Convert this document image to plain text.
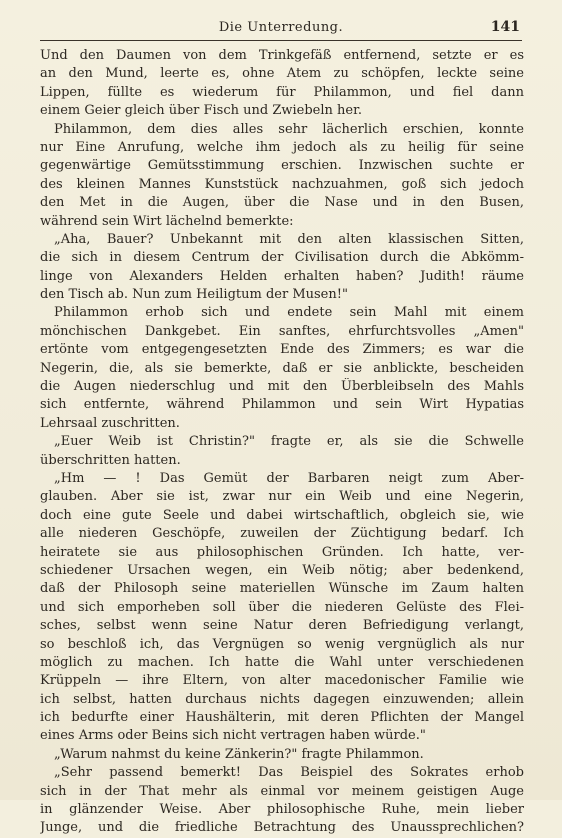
Die Unterredung.	141
Und den Daumen von dem Trinkgefäß entfernend, setzte er es
an den Mund, leerte es, ohne Atem zu schöpfen, leckte seine
Lippen, füllte es wiederum für Philammon, und fiel dann
einem Geier gleich über Fisch und Zwiebeln her.
Philammon, dem dies alles sehr lächerlich erschien, konnte
nur Eine Anrufung, welche ihm jedoch als zu heilig für seine
gegenwärtige Gemütsstimmung erschien. Inzwischen suchte er
des kleinen Mannes Kunststück nachzuahmen, goß sich jedoch
den Met in die Augen, über die Nase und in den Busen,
während sein Wirt lächelnd bemerkte:
„Aha, Bauer? Unbekannt mit den alten klassischen Sitten,
die sich in diesem Centrum der Civilisation durch die Abkömm-
linge von Alexanders Helden erhalten haben? Judith! räume
den Tisch ab. Nun zum Heiligtum der Musen!"
Philammon erhob sich und endete sein Mahl mit einem
mönchischen Dankgebet. Ein sanftes, ehrfurchtsvolles „Amen"
ertönte vom entgegengesetzten Ende des Zimmers; es war die
Negerin, die, als sie bemerkte, daß er sie anblickte, bescheiden
die Augen niederschlug und mit den Überbleibseln des Mahls
sich entfernte, während Philammon und sein Wirt Hypatias
Lehrsaal zuschritten.
„Euer Weib ist Christin?" fragte er, als sie die Schwelle
überschritten hatten.
„Hm — ! Das Gemüt der Barbaren neigt zum Aber-
glauben. Aber sie ist, zwar nur ein Weib und eine Negerin,
doch eine gute Seele und dabei wirtschaftlich, obgleich sie, wie
alle niederen Geschöpfe, zuweilen der Züchtigung bedarf. Ich
heiratete sie aus philosophischen Gründen. Ich hatte, ver-
schiedener Ursachen wegen, ein Weib nötig; aber bedenkend,
daß der Philosoph seine materiellen Wünsche im Zaum halten
und sich emporheben soll über die niederen Gelüste des Flei-
sches, selbst wenn seine Natur deren Befriedigung verlangt,
so beschloß ich, das Vergnügen so wenig vergnüglich als nur
möglich zu machen. Ich hatte die Wahl unter verschiedenen
Krüppeln — ihre Eltern, von alter macedonischer Familie wie
ich selbst, hatten durchaus nichts dagegen einzuwenden; allein
ich bedurfte einer Haushälterin, mit deren Pflichten der Mangel
eines Arms oder Beins sich nicht vertragen haben würde."
„Warum nahmst du keine Zänkerin?" fragte Philammon.
„Sehr passend bemerkt! Das Beispiel des Sokrates erhob
sich in der That mehr als einmal vor meinem geistigen Auge
in glänzender Weise. Aber philosophische Ruhe, mein lieber
Junge, und die friedliche Betrachtung des Unaussprechlichen?
